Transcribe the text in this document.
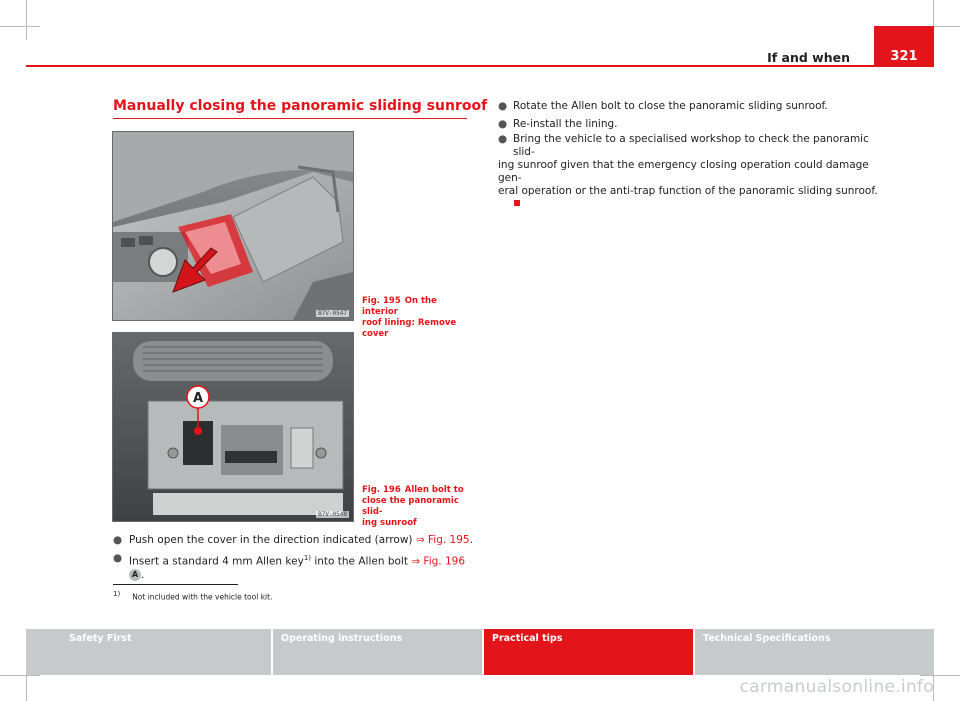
If and when	321
Manually closing the panoramic sliding sunroof
B7V-0547
Fig. 195 On the interior
roof lining: Remove cover
A
B7V-0548
Fig. 196 Allen bolt to
close the panoramic slid-
ing sunroof
● Push open the cover in the direction indicated (arrow) ⇒ Fig. 195.
● Insert a standard 4 mm Allen key$^{1)}$ into the Allen bolt ⇒ Fig. 196 A .
● Rotate the Allen bolt to close the panoramic sliding sunroof.
● Re-install the lining.
● Bring the vehicle to a specialised workshop to check the panoramic slid-
ing sunroof given that the emergency closing operation could damage gen-
eral operation or the anti-trap function of the panoramic sliding sunroof.
$^{1)}$ Not included with the vehicle tool kit.
Safety First	Operating instructions	Practical tips	Technical Specifications
carmanualsonline.info
